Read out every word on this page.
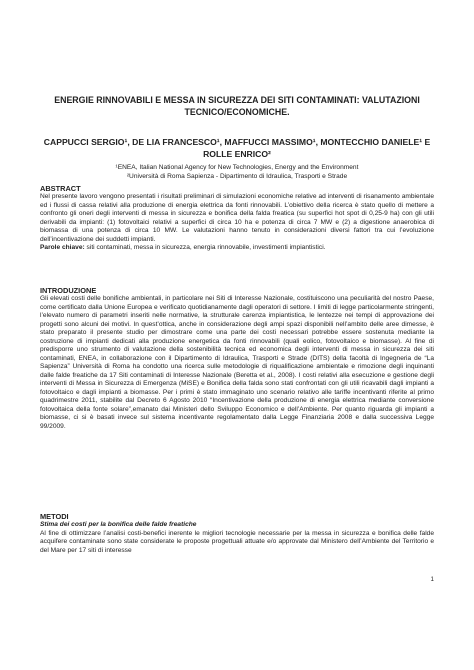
ENERGIE RINNOVABILI E MESSA IN SICUREZZA DEI SITI CONTAMINATI: VALUTAZIONI TECNICO/ECONOMICHE.
CAPPUCCI SERGIO¹, DE LIA FRANCESCO¹, MAFFUCCI MASSIMO¹, MONTECCHIO DANIELE¹ E ROLLE ENRICO²
¹ENEA, Italian National Agency for New Technologies, Energy and the Environment
²Università di Roma Sapienza - Dipartimento di Idraulica, Trasporti e Strade
ABSTRACT

Nel presente lavoro vengono presentati i risultati preliminari di simulazioni economiche relative ad interventi di risanamento ambientale ed i flussi di cassa relativi alla produzione di energia elettrica da fonti rinnovabili. L’obiettivo della ricerca è stato quello di mettere a confronto gli oneri degli interventi di messa in sicurezza e bonifica della falda freatica (su superfici hot spot di 0,25-9 ha) con gli utili derivabili da impianti: (1) fotovoltaici relativi a superfici di circa 10 ha e potenza di circa 7 MW e (2) a digestione anaerobica di biomassa di una potenza di circa 10 MW. Le valutazioni hanno tenuto in considerazioni diversi fattori tra cui l’evoluzione dell’incentivazione dei suddetti impianti.

Parole chiave: siti contaminati, messa in sicurezza, energia rinnovabile, investimenti impiantistici.

INTRODUZIONE

Gli elevati costi delle bonifiche ambientali, in particolare nei Siti di Interesse Nazionale, costituiscono una peculiarità del nostro Paese, come certificato dalla Unione Europea e verificato quotidianamente dagli operatori di settore. I limiti di legge particolarmente stringenti, l’elevato numero di parametri inseriti nelle normative, la strutturale carenza impiantistica, le lentezze nei tempi di approvazione dei progetti sono alcuni dei motivi. In quest’ottica, anche in considerazione degli ampi spazi disponibili nell’ambito delle aree dimesse, è stato preparato il presente studio per dimostrare come una parte dei costi necessari potrebbe essere sostenuta mediante la costruzione di impianti dedicati alla produzione energetica da fonti rinnovabili (quali eolico, fotovoltaico e biomasse). Al fine di predisporre uno strumento di valutazione della sostenibilità tecnica ed economica degli interventi di messa in sicurezza dei siti contaminati, ENEA, in collaborazione con il Dipartimento di Idraulica, Trasporti e Strade (DITS) della facoltà di Ingegneria de “La Sapienza” Università di Roma ha condotto una ricerca sulle metodologie di riqualificazione ambientale e rimozione degli inquinanti dalle falde freatiche da 17 Siti contaminati di Interesse Nazionale (Beretta et al., 2008). I costi relativi alla esecuzione e gestione degli interventi di Messa in Sicurezza di Emergenza (MiSE) e Bonifica della falda sono stati confrontati con gli utili ricavabili dagli impianti a fotovoltaico e dagli impianti a biomasse. Per i primi è stato immaginato uno scenario relativo alle tariffe incentivanti riferite al primo quadrimestre 2011, stabilite dal Decreto 6 Agosto 2010 “Incentivazione della produzione di energia elettrica mediante conversione fotovoltaica della fonte solare”,emanato dai Ministeri dello Sviluppo Economico e dell’Ambiente. Per quanto riguarda gli impianti a biomasse, ci si è basati invece sul sistema incentivante regolamentato dalla Legge Finanziaria 2008 e dalla successiva Legge 99/2009.

METODI
Stima dei costi per la bonifica delle falde freatiche

Al fine di ottimizzare l’analisi costi-benefici inerente le migliori tecnologie necessarie per la messa in sicurezza e bonifica delle falde acquifere contaminate sono state considerate le proposte progettuali attuate e/o approvate dal Ministero dell’Ambiente del Territorio e del Mare per 17 siti di interesse

1
